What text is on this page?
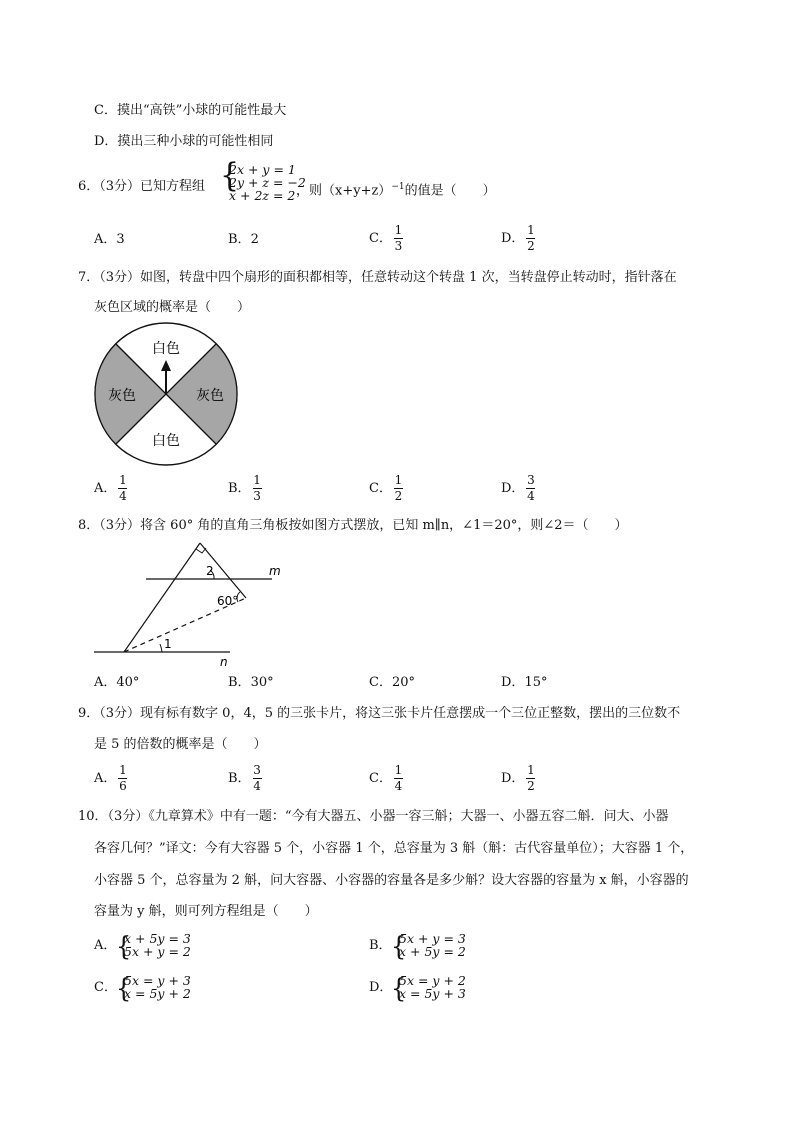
C．摸出“高铁”小球的可能性最大
D．摸出三种小球的可能性相同
6．（3分）已知方程组 {
2x + y = 1
2y + z = −2
x + 2z = 2 ，则$(x+y+z)^{-1}$的值是（　　）
A．3	B．2	C． $\frac{1}{3}$	D． $\frac{1}{2}$
7．（3分）如图，转盘中四个扇形的面积都相等，任意转动这个转盘 1 次，当转盘停止转动时，指针落在
灰色区域的概率是（　　）
白色
白色
灰色	灰色
A． $\frac{1}{4}$	B． $\frac{1}{3}$	C． $\frac{1}{2}$	D． $\frac{3}{4}$
8．（3分）将含 60° 角的直角三角板按如图方式摆放，已知 m∥n，∠1＝20°，则∠2＝（　　）
m
n
2
1
60°
A．40°	B．30°	C．20°	D．15°
9．（3分）现有标有数字 0，4，5 的三张卡片，将这三张卡片任意摆成一个三位正整数，摆出的三位数不
是 5 的倍数的概率是（　　）
A． $\frac{1}{6}$	B． $\frac{3}{4}$	C． $\frac{1}{4}$	D． $\frac{1}{2}$
10．（3分）《九章算术》中有一题：“今有大器五、小器一容三斛；大器一、小器五容二斛．问大、小器
各容几何？”译文：今有大容器 5 个，小容器 1 个，总容量为 3 斛（斛：古代容量单位）；大容器 1 个，
小容器 5 个，总容量为 2 斛，问大容器、小容器的容量各是多少斛？设大容器的容量为 x 斛，小容器的
容量为 y 斛，则可列方程组是（　　）
A． {
x + 5y = 3
5x + y = 2	B． {
5x + y = 3
x + 5y = 2
C． {
5x = y + 3
x = 5y + 2	D．
{
5x = y + 2
x = 5y + 3
